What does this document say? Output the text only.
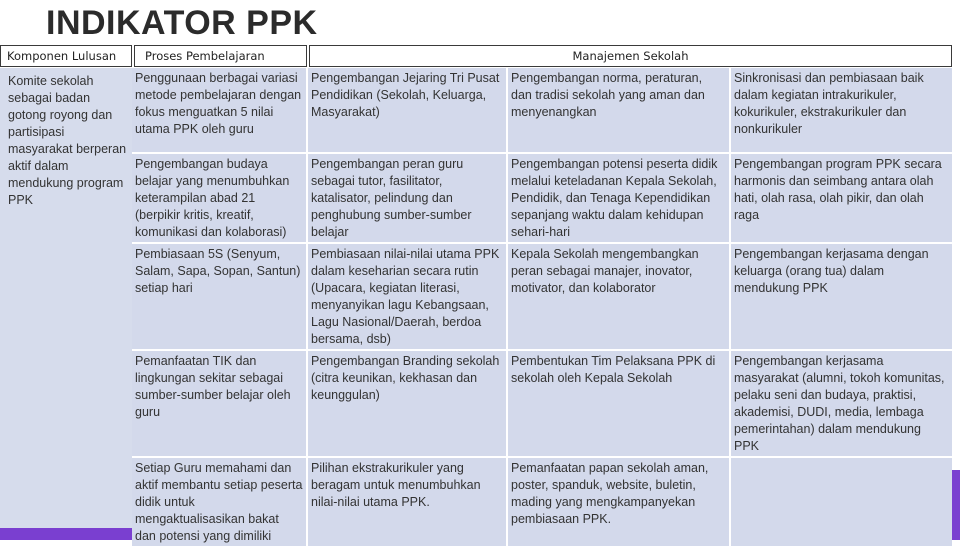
INDIKATOR PPK
Komponen Lulusan	Proses Pembelajaran	Manajemen Sekolah
Komite sekolah sebagai badan gotong royong dan partisipasi masyarakat berperan aktif dalam mendukung program PPK
Penggunaan berbagai variasi metode pembelajaran dengan fokus menguatkan 5 nilai utama PPK oleh guru	Pengembangan Jejaring Tri Pusat Pendidikan (Sekolah, Keluarga, Masyarakat)	Pengembangan norma, peraturan, dan tradisi sekolah yang aman dan menyenangkan	Sinkronisasi dan pembiasaan baik dalam kegiatan intrakurikuler, kokurikuler, ekstrakurikuler dan nonkurikuler
Pengembangan budaya belajar yang menumbuhkan keterampilan abad 21 (berpikir kritis, kreatif, komunikasi dan kolaborasi)	Pengembangan peran guru sebagai tutor, fasilitator, katalisator, pelindung dan penghubung sumber-sumber belajar	Pengembangan potensi peserta didik melalui keteladanan Kepala Sekolah, Pendidik, dan Tenaga Kependidikan sepanjang waktu dalam kehidupan sehari-hari	Pengembangan program PPK secara harmonis dan seimbang antara olah hati, olah rasa, olah pikir, dan olah raga
Pembiasaan 5S (Senyum, Salam, Sapa, Sopan, Santun) setiap hari	Pembiasaan nilai-nilai utama PPK dalam keseharian secara rutin (Upacara, kegiatan literasi, menyanyikan lagu Kebangsaan, Lagu Nasional/Daerah, berdoa bersama, dsb)	Kepala Sekolah mengembangkan peran sebagai manajer, inovator, motivator, dan kolaborator	Pengembangan kerjasama dengan keluarga (orang tua) dalam mendukung PPK
Pemanfaatan TIK dan lingkungan sekitar sebagai sumber-sumber belajar oleh guru	Pengembangan Branding sekolah (citra keunikan, kekhasan dan keunggulan)	Pembentukan Tim Pelaksana PPK di sekolah oleh Kepala Sekolah	Pengembangan kerjasama masyarakat (alumni, tokoh komunitas, pelaku seni dan budaya, praktisi, akademisi, DUDI, media, lembaga pemerintahan) dalam mendukung PPK
Setiap Guru memahami dan aktif membantu setiap peserta didik untuk mengaktualisasikan bakat dan potensi yang dimiliki	Pilihan ekstrakurikuler yang beragam untuk menumbuhkan nilai-nilai utama PPK.	Pemanfaatan papan sekolah aman, poster, spanduk, website, buletin, mading yang mengkampanyekan pembiasaan PPK.	
